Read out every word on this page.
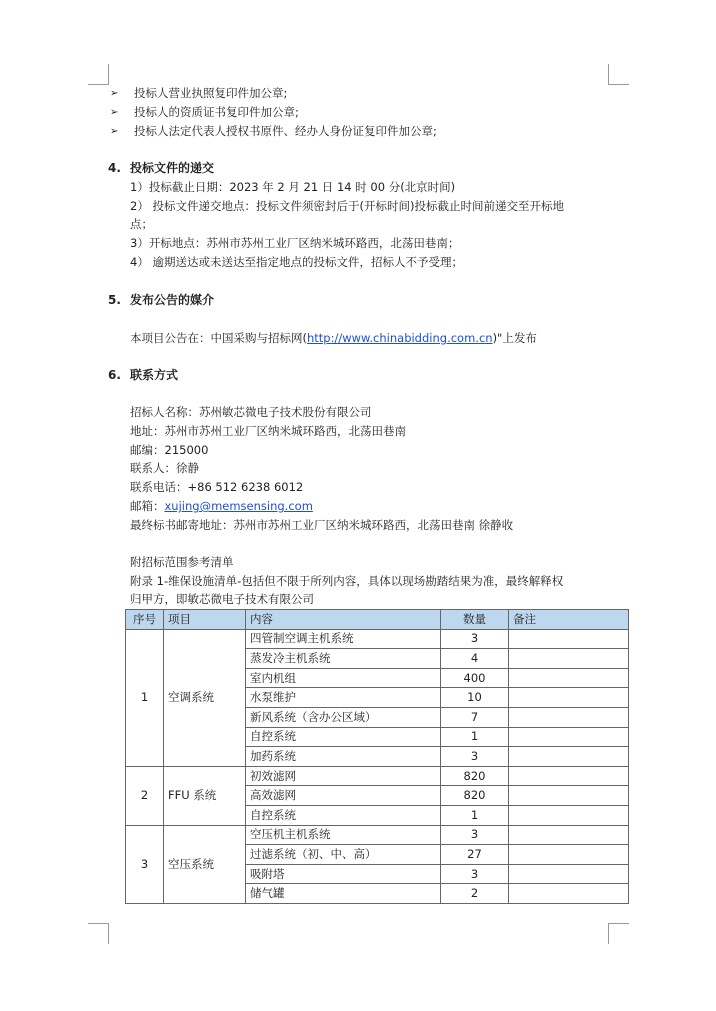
➢ 投标人营业执照复印件加公章;
➢ 投标人的资质证书复印件加公章;
➢ 投标人法定代表人授权书原件、经办人身份证复印件加公章;
4. 投标文件的递交
1）投标截止日期：2023 年 2 月 21 日 14 时 00 分(北京时间)
2） 投标文件递交地点：投标文件须密封后于(开标时间)投标截止时间前递交至开标地
点；
3）开标地点：苏州市苏州工业厂区纳米城环路西，北荡田巷南；
4） 逾期送达或未送达至指定地点的投标文件，招标人不予受理；
5. 发布公告的媒介
本项目公告在：中国采购与招标网(http://www.chinabidding.com.cn)"上发布
6. 联系方式
招标人名称：苏州敏芯微电子技术股份有限公司
地址：苏州市苏州工业厂区纳米城环路西，北荡田巷南
邮编：215000
联系人：徐静
联系电话：+86 512 6238 6012
邮箱：xujing@memsensing.com
最终标书邮寄地址：苏州市苏州工业厂区纳米城环路西，北荡田巷南 徐静收
附招标范围参考清单
附录 1-维保设施清单-包括但不限于所列内容，具体以现场勘踏结果为准，最终解释权
归甲方，即敏芯微电子技术有限公司
序号	项目	内容	数量	备注
1	空调系统	四管制空调主机系统	3	
		蒸发冷主机系统	4	
		室内机组	400	
		水泵维护	10	
		新风系统（含办公区域）	7	
		自控系统	1	
		加药系统	3	
2	FFU 系统	初效滤网	820	
		高效滤网	820	
		自控系统	1	
3	空压系统	空压机主机系统	3	
		过滤系统（初、中、高）	27	
		吸附塔	3	
		储气罐	2	
